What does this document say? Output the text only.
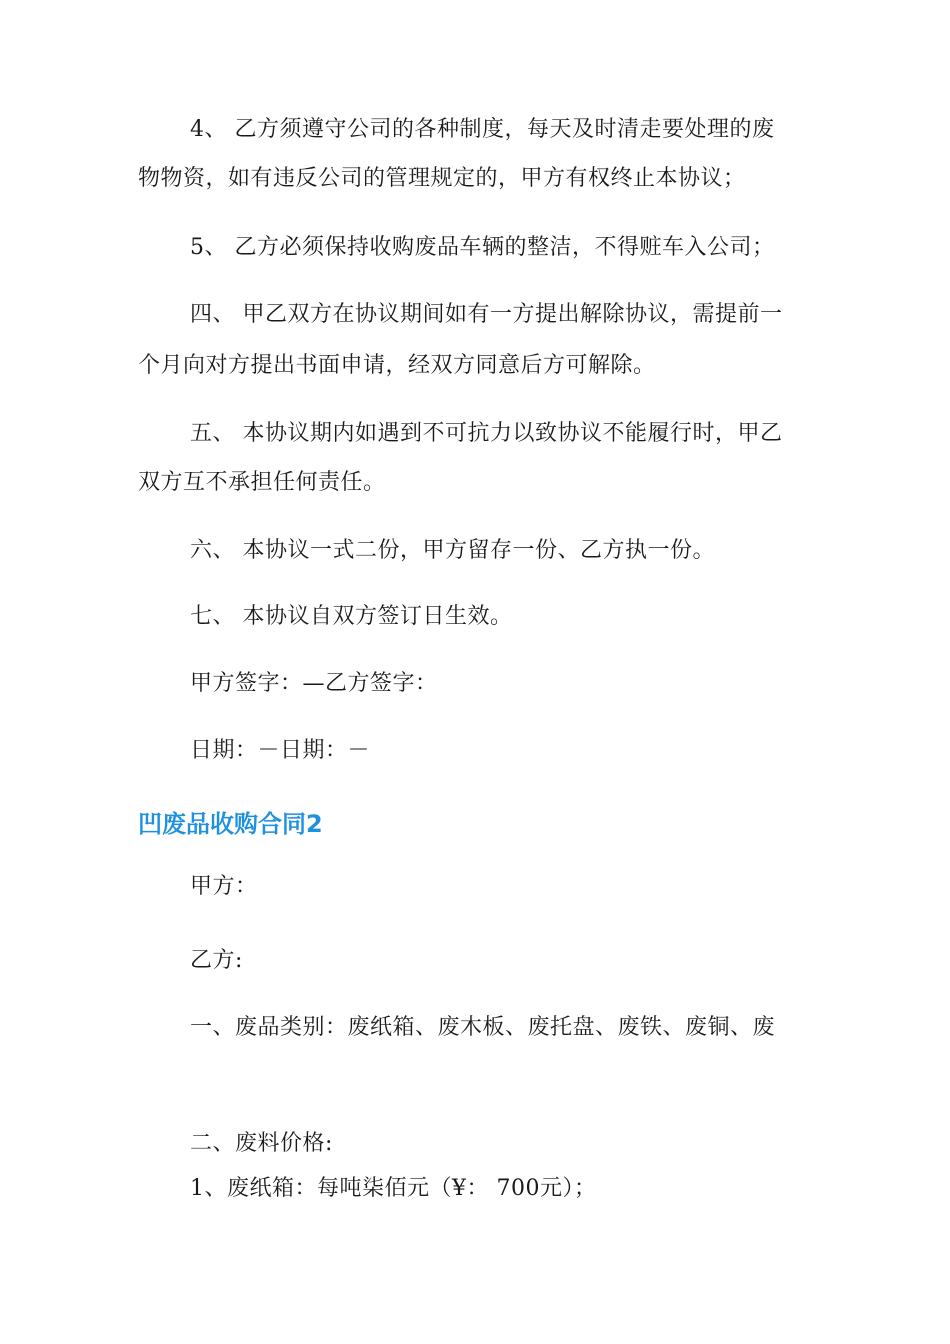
4、 乙方须遵守公司的各种制度，每天及时清走要处理的废
物物资，如有违反公司的管理规定的，甲方有权终止本协议；
5、 乙方必须保持收购废品车辆的整洁，不得赃车入公司；
四、 甲乙双方在协议期间如有一方提出解除协议，需提前一
个月向对方提出书面申请，经双方同意后方可解除。
五、 本协议期内如遇到不可抗力以致协议不能履行时，甲乙
双方互不承担任何责任。
六、 本协议一式二份，甲方留存一份、乙方执一份。
七、 本协议自双方签订日生效。
甲方签字：—乙方签字：
日期：－日期：－
凹废品收购合同2
甲方：
乙方:
一、废品类别：废纸箱、废木板、废托盘、废铁、废铜、废
二、废料价格:
1、废纸箱：每吨柒佰元（¥： 700元）；
